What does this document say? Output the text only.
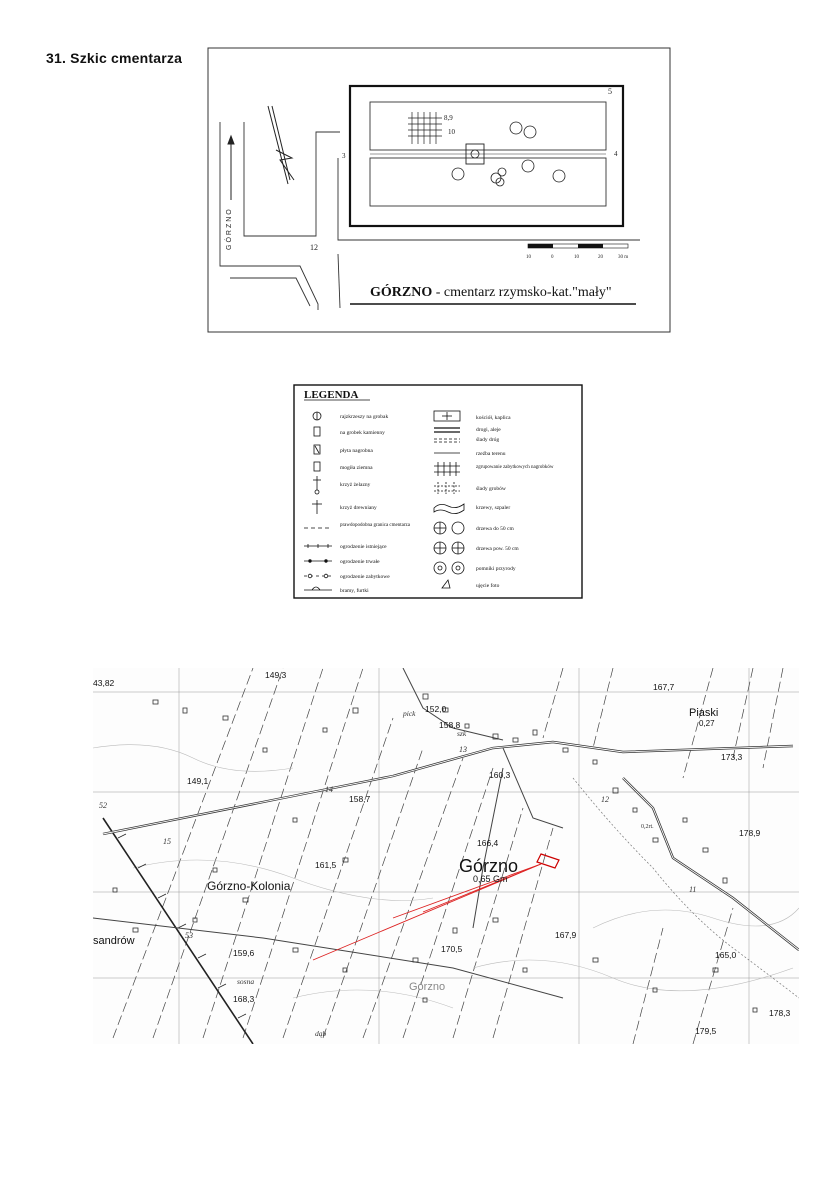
31. Szkic cmentarza
GÓRZNO	12
8,9
10
5
4
3
10	0	10	20	30 m
GÓRZNO - cmentarz rzymsko-kat."mały"
LEGENDA
rajzkrzeszy na grobak
na grobek kamienny
płyta nagrobna
mogiła ziemna
krzyż żelazny
krzyż drewniany
prawdopodobna granica cmentarza
ogrodzenie istniejące
ogrodzenie trwałe
ogrodzenie zabytkowe
bramy, furtki
kościół, kaplica
drogi, aleje
ślady dróg
rzeźba terenu
zgrupowanie zabytkowych nagrobków
ślady grobów
krzewy, szpaler
drzewa do 50 cm
drzewa pow. 50 cm
pomniki przyrody
ujęcie foto
Górzno
0,65 Gm
Górzno-Kolonia
Piaski
0,27
sandrów
Górzno
43,82
149,3
152,0
158,8
160,3
167,7
173,3
178,9
149,1
158,7
161,5
166,4
167,9
165,0
170,5
159,6
168,3
179,5
178,3
14
12
11
15
13
53
52
szk
pick
sosna
dąb
0,2rt.
